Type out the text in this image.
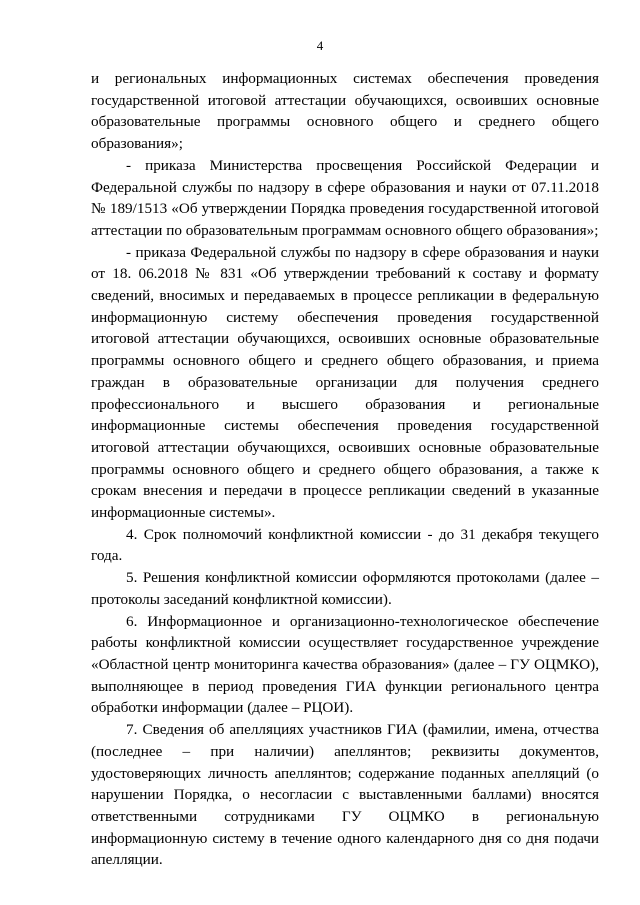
4

и региональных информационных системах обеспечения проведения государственной итоговой аттестации обучающихся, освоивших основные образовательные программы основного общего и среднего общего образования»;

- приказа Министерства просвещения Российской Федерации и Федеральной службы по надзору в сфере образования и науки от 07.11.2018 № 189/1513 «Об утверждении Порядка проведения государственной итоговой аттестации по образовательным программам основного общего образования»;

- приказа Федеральной службы по надзору в сфере образования и науки от 18. 06.2018 № 831 «Об утверждении требований к составу и формату сведений, вносимых и передаваемых в процессе репликации в федеральную информационную систему обеспечения проведения государственной итоговой аттестации обучающихся, освоивших основные образовательные программы основного общего и среднего общего образования, и приема граждан в образовательные организации для получения среднего профессионального и высшего образования и региональные информационные системы обеспечения проведения государственной итоговой аттестации обучающихся, освоивших основные образовательные программы основного общего и среднего общего образования, а также к срокам внесения и передачи в процессе репликации сведений в указанные информационные системы».

4. Срок полномочий конфликтной комиссии - до 31 декабря текущего года.

5. Решения конфликтной комиссии оформляются протоколами (далее – протоколы заседаний конфликтной комиссии).

6. Информационное и организационно-технологическое обеспечение работы конфликтной комиссии осуществляет государственное учреждение «Областной центр мониторинга качества образования» (далее – ГУ ОЦМКО), выполняющее в период проведения ГИА функции регионального центра обработки информации (далее – РЦОИ).

7. Сведения об апелляциях участников ГИА (фамилии, имена, отчества (последнее – при наличии) апеллянтов; реквизиты документов, удостоверяющих личность апеллянтов; содержание поданных апелляций (о нарушении Порядка, о несогласии с выставленными баллами) вносятся ответственными сотрудниками ГУ ОЦМКО в региональную информационную систему в течение одного календарного дня со дня подачи апелляции.
